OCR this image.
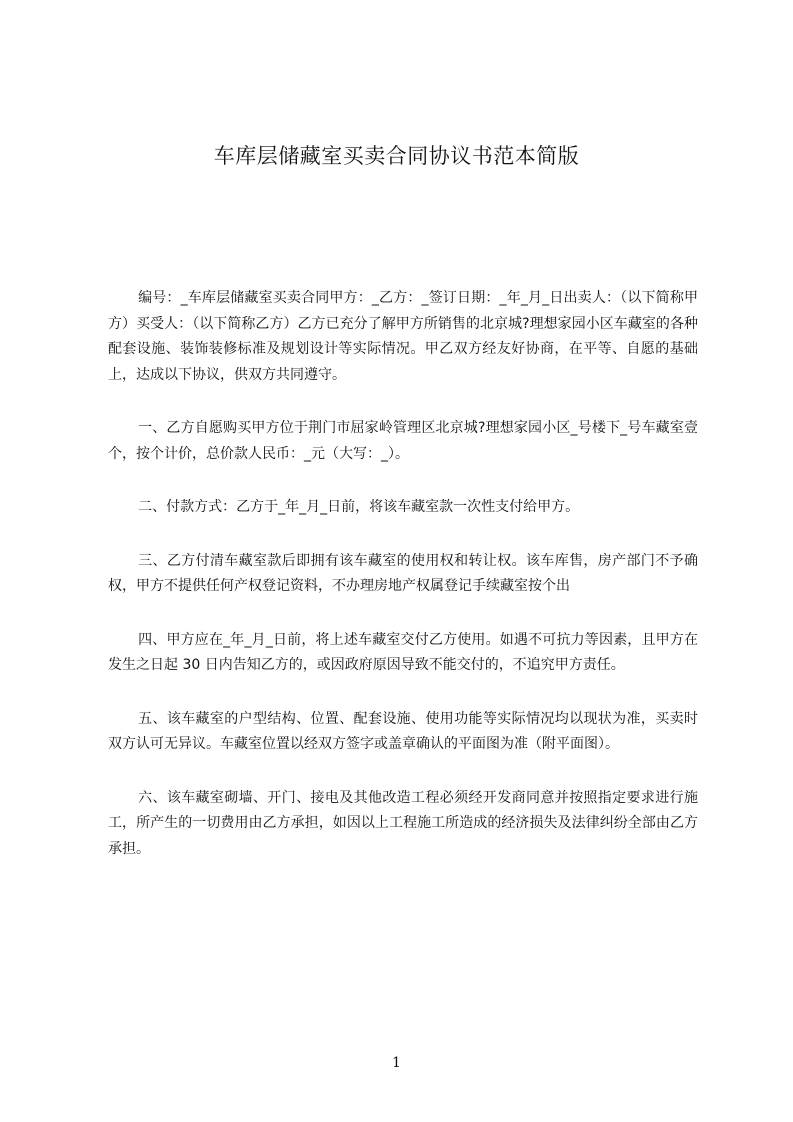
车库层储藏室买卖合同协议书范本简版

编号：_车库层储藏室买卖合同甲方：_乙方：_签订日期：_年_月_日出卖人：（以下简称甲方）买受人：（以下简称乙方）乙方已充分了解甲方所销售的北京城?理想家园小区车藏室的各种配套设施、装饰装修标准及规划设计等实际情况。甲乙双方经友好协商，在平等、自愿的基础上，达成以下协议，供双方共同遵守。

一、乙方自愿购买甲方位于荆门市屈家岭管理区北京城?理想家园小区_号楼下_号车藏室壹个，按个计价，总价款人民币：_元（大写：_）。

二、付款方式：乙方于_年_月_日前，将该车藏室款一次性支付给甲方。

三、乙方付清车藏室款后即拥有该车藏室的使用权和转让权。该车库售，房产部门不予确权，甲方不提供任何产权登记资料，不办理房地产权属登记手续藏室按个出

四、甲方应在_年_月_日前，将上述车藏室交付乙方使用。如遇不可抗力等因素，且甲方在发生之日起 30 日内告知乙方的，或因政府原因导致不能交付的，不追究甲方责任。

五、该车藏室的户型结构、位置、配套设施、使用功能等实际情况均以现状为准，买卖时双方认可无异议。车藏室位置以经双方签字或盖章确认的平面图为准（附平面图）。

六、该车藏室砌墙、开门、接电及其他改造工程必须经开发商同意并按照指定要求进行施工，所产生的一切费用由乙方承担，如因以上工程施工所造成的经济损失及法律纠纷全部由乙方承担。

1
